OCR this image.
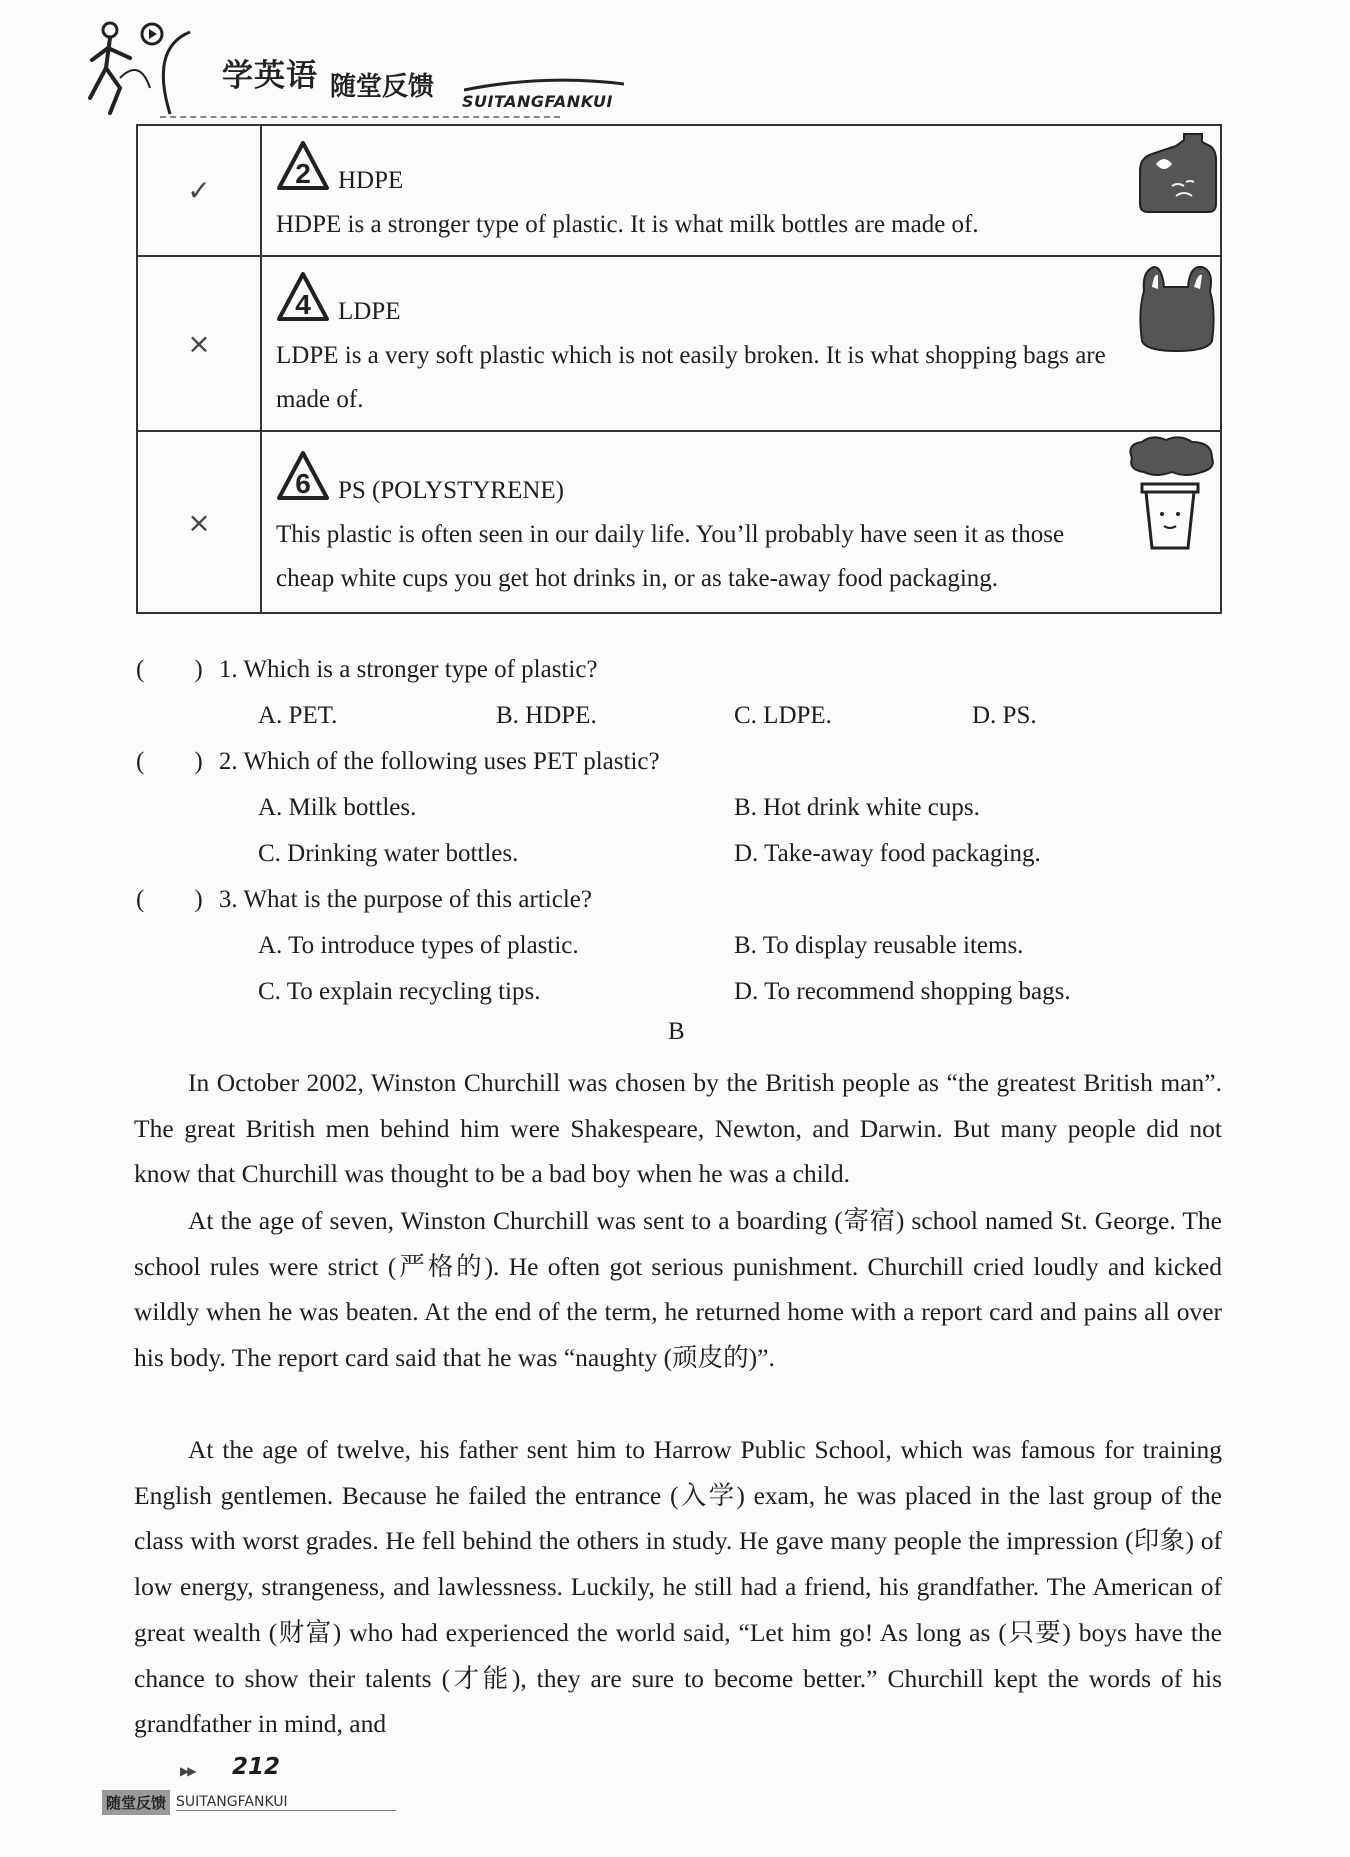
学英语 随堂反馈 SUITANGFANKUI
✓	2 HDPE
HDPE is a stronger type of plastic. It is what milk bottles are made of.

×	4 LDPE
LDPE is a very soft plastic which is not easily broken. It is what shopping bags are made of.

×	6 PS (POLYSTYRENE)
This plastic is often seen in our daily life. You’ll probably have seen it as those cheap white cups you get hot drinks in, or as take-away food packaging.
(　　) 1. Which is a stronger type of plastic?
A. PET.	B. HDPE.	C. LDPE.	D. PS.
(　　) 2. Which of the following uses PET plastic?
A. Milk bottles.	B. Hot drink white cups.
C. Drinking water bottles.	D. Take-away food packaging.
(　　) 3. What is the purpose of this article?
A. To introduce types of plastic.	B. To display reusable items.
C. To explain recycling tips.	D. To recommend shopping bags.
B
In October 2002, Winston Churchill was chosen by the British people as “the greatest British man”. The great British men behind him were Shakespeare, Newton, and Darwin. But many people did not know that Churchill was thought to be a bad boy when he was a child.
At the age of seven, Winston Churchill was sent to a boarding (寄宿) school named St. George. The school rules were strict (严格的). He often got serious punishment. Churchill cried loudly and kicked wildly when he was beaten. At the end of the term, he returned home with a report card and pains all over his body. The report card said that he was “naughty (顽皮的)”.
At the age of twelve, his father sent him to Harrow Public School, which was famous for training English gentlemen. Because he failed the entrance (入学) exam, he was placed in the last group of the class with worst grades. He fell behind the others in study. He gave many people the impression (印象) of low energy, strangeness, and lawlessness. Luckily, he still had a friend, his grandfather. The American of great wealth (财富) who had experienced the world said, “Let him go! As long as (只要) boys have the chance to show their talents (才能), they are sure to become better.” Churchill kept the words of his grandfather in mind, and
▶▶ 212
随堂反馈 SUITANGFANKUI
